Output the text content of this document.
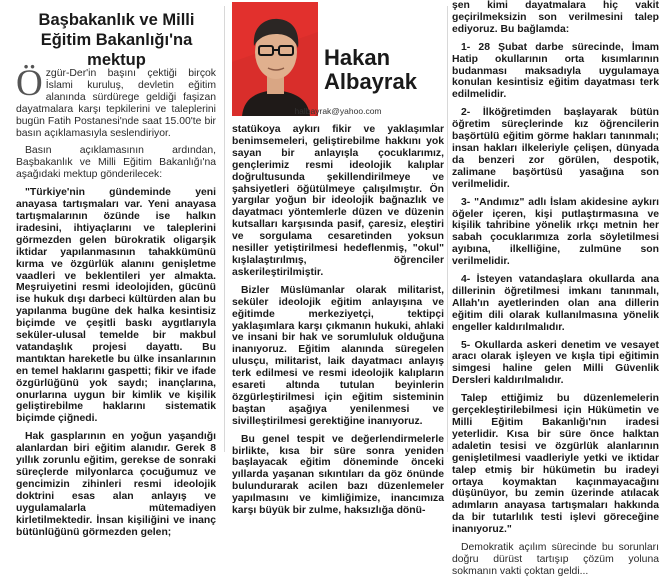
Başbakanlık ve Milli
Eğitim Bakanlığı'na mektup	Hakan
Albayrak
halbayrak@yahoo.com

Özgür-Der'in başını çektiği birçok İslami kuruluş, devletin eğitim alanında sürdürege geldiği faşizan dayatmalara karşı tepkilerini ve taleplerini bugün Fatih Postanesi'nde saat 15.00'te bir basın açıklamasıyla seslendiriyor.

Basın açıklamasının ardından, Başbakanlık ve Milli Eğitim Bakanlığı'na aşağıdaki mektup gönderilecek:

"Türkiye'nin gündeminde yeni anayasa tartışmaları var. Yeni anayasa tartışmalarının özünde ise halkın iradesini, ihtiyaçlarını ve taleplerini görmezden gelen bürokratik oligarşik iktidar yapılanmasının tahakkümünü kırma ve özgürlük alanını genişletme vaadleri ve beklentileri yer almakta. Meşruiyetini resmi ideolojiden, gücünü ise hukuk dışı darbeci kültürden alan bu yapılanma bugüne dek halka kesintisiz biçimde ve çeşitli baskı aygıtlarıyla seküler-ulusal temelde bir makbul vatandaşlık projesi dayattı. Bu mantıktan hareketle bu ülke insanlarının en temel haklarını gaspetti; fikir ve ifade özgürlüğünü yok saydı; inançlarına, onurlarına uygun bir kimlik ve kişilik geliştirebilme haklarını sistematik biçimde çiğnedi.

Hak gasplarının en yoğun yaşandığı alanlardan biri eğitim alanıdır. Gerek 8 yıllık zorunlu eğitim, gerekse de sonraki süreçlerde milyonlarca çocuğumuz ve gencimizin zihinleri resmi ideolojik doktrini esas alan anlayış ve uygulamalarla mütemadiyen kirletilmektedir. İnsan kişiliğini ve inanç bütünlüğünü görmezden gelen;

statükoya aykırı fikir ve yaklaşımlar benimsemeleri, geliştirebilme hakkını yok sayan bir anlayışla çocuklarımız, gençlerimiz resmi ideolojik kalıplar doğrultusunda şekillendirilmeye ve şahsiyetleri öğütülmeye çalışılmıştır. Ön yargılar yoğun bir ideolojik bağnazlık ve dayatmacı yöntemlerle düzen ve düzenin kutsalları karşısında pasif, çaresiz, eleştiri ve sorgulama cesaretinden yoksun nesiller yetiştirilmesi hedeflenmiş, "okul" kışlalaştırılmış, öğrenciler askerileştirilmiştir.

Bizler Müslümanlar olarak militarist, seküler ideolojik eğitim anlayışına ve eğitimde merkeziyetçi, tektipçi yaklaşımlara karşı çıkmanın hukuki, ahlaki ve insani bir hak ve sorumluluk olduğuna inanıyoruz. Eğitim alanında süregelen ulusçu, militarist, laik dayatmacı anlayış terk edilmesi ve resmi ideolojik kalıpların esareti altında tutulan beyinlerin özgürleştirilmesi için eğitim sisteminin baştan aşağıya yenilenmesi ve sivilleştirilmesi gerektiğine inanıyoruz.

Bu genel tespit ve değerlendirmelerle birlikte, kısa bir süre sonra yeniden başlayacak eğitim döneminde önceki yıllarda yaşanan sıkıntıları da göz önünde bulundurarak acilen bazı düzenlemeler yapılmasını ve kimliğimize, inancımıza karşı büyük bir zulme, haksızlığa dönü-

şen kimi dayatmalara hiç vakit geçirilmeksizin son verilmesini talep ediyoruz. Bu bağlamda:

1- 28 Şubat darbe sürecinde, İmam Hatip okullarının orta kısımlarının budanması maksadıyla uygulamaya konulan kesintisiz eğitim dayatması terk edilmelidir.

2- İlköğretimden başlayarak bütün öğretim süreçlerinde kız öğrencilerin başörtülü eğitim görme hakları tanınmalı; insan hakları ilkeleriyle çelişen, dünyada da benzeri zor görülen, despotik, zalimane başörtüsü yasağına son verilmelidir.

3- "Andımız" adlı İslam akidesine aykırı öğeler içeren, kişi putlaştırmasına ve kişilik tahribine yönelik ırkçı metnin her sabah çocuklarımıza zorla söyletilmesi ayıbına, ilkelliğine, zulmüne son verilmelidir.

4- İsteyen vatandaşlara okullarda ana dillerinin öğretilmesi imkanı tanınmalı, Allah'ın ayetlerinden olan ana dillerin eğitim dili olarak kullanılmasına yönelik engeller kaldırılmalıdır.

5- Okullarda askeri denetim ve vesayet aracı olarak işleyen ve kışla tipi eğitimin simgesi haline gelen Milli Güvenlik Dersleri kaldırılmalıdır.

Talep ettiğimiz bu düzenlemelerin gerçekleştirilebilmesi için Hükümetin ve Milli Eğitim Bakanlığı'nın iradesi yeterlidir. Kısa bir süre önce halktan adaletin tesisi ve özgürlük alanlarının genişletilmesi vaadleriyle yetki ve iktidar talep etmiş bir hükümetin bu iradeyi ortaya koymaktan kaçınmayacağını düşünüyor, bu zemin üzerinde atılacak adımların anayasa tartışmaları hakkında da bir tutarlılık testi işlevi göreceğine inanıyoruz."

Demokratik açılım sürecinde bu sorunları doğru dürüst tartışıp çözüm yoluna sokmanın vakti çoktan geldi...
